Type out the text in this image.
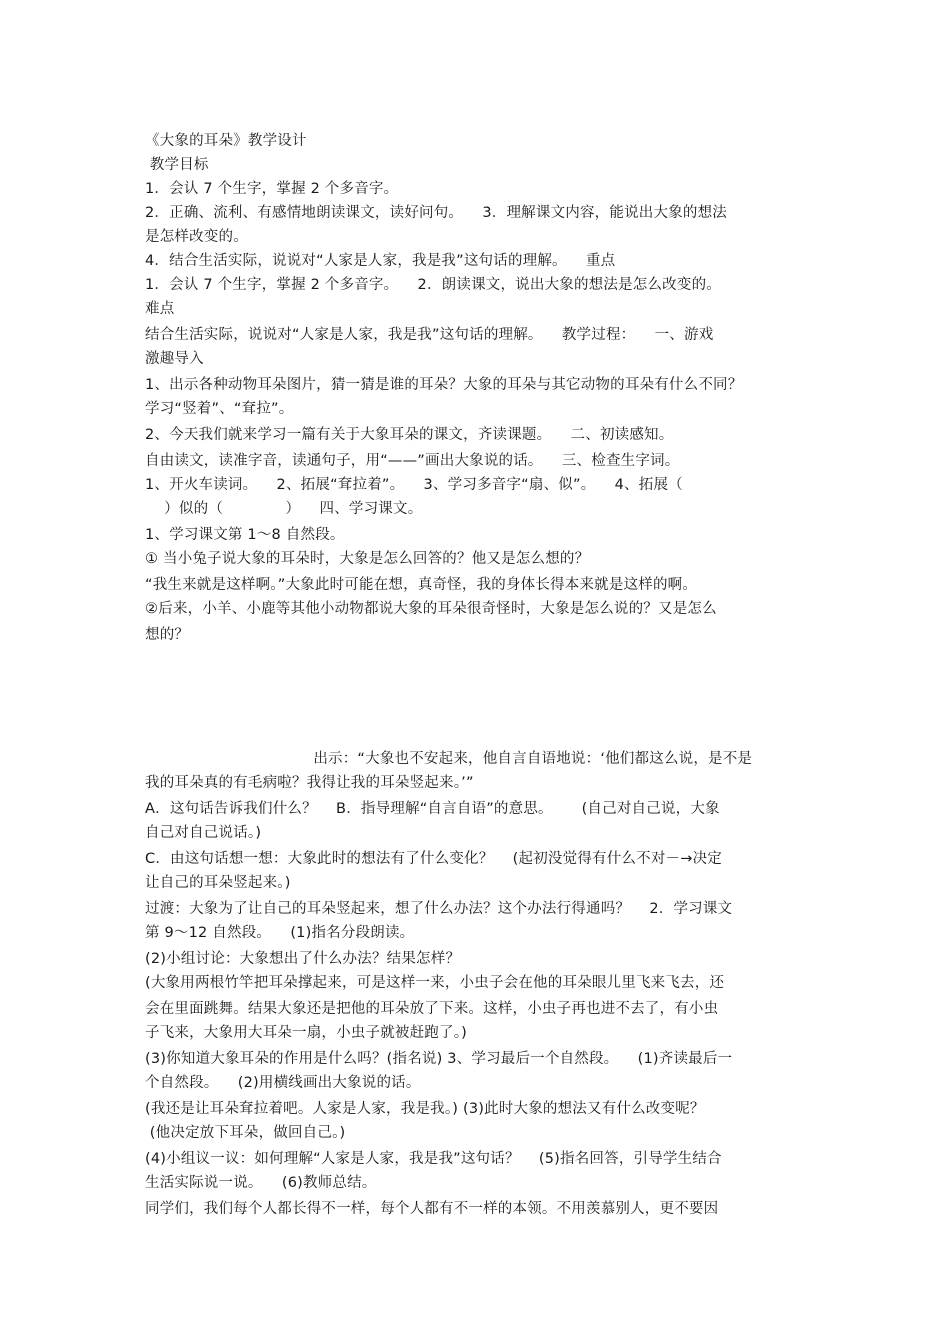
《大象的耳朵》教学设计
教学目标
1．会认 7 个生字，掌握 2 个多音字。
2．正确、流利、有感情地朗读课文，读好问句。    3．理解课文内容，能说出大象的想法
是怎样改变的。
4．结合生活实际，说说对“人家是人家，我是我”这句话的理解。    重点
1．会认 7 个生字，掌握 2 个多音字。    2．朗读课文，说出大象的想法是怎么改变的。
难点
结合生活实际，说说对“人家是人家，我是我”这句话的理解。    教学过程：    一、游戏
激趣导入
1、出示各种动物耳朵图片，猜一猜是谁的耳朵？大象的耳朵与其它动物的耳朵有什么不同？
学习“竖着”、“耷拉”。
2、今天我们就来学习一篇有关于大象耳朵的课文，齐读课题。    二、初读感知。
自由读文，读准字音，读通句子，用“——”画出大象说的话。    三、检查生字词。
1、开火车读词。    2、拓展“耷拉着”。    3、学习多音字“扇、似”。    4、拓展（
）似的（             ）    四、学习课文。
1、学习课文第 1～8 自然段。
① 当小兔子说大象的耳朵时，大象是怎么回答的？他又是怎么想的？
“我生来就是这样啊。”大象此时可能在想，真奇怪，我的身体长得本来就是这样的啊。
②后来，小羊、小鹿等其他小动物都说大象的耳朵很奇怪时，大象是怎么说的？又是怎么
想的？
出示：“大象也不安起来，他自言自语地说：‘他们都这么说，是不是
我的耳朵真的有毛病啦？我得让我的耳朵竖起来。’”
A．这句话告诉我们什么？    B．指导理解“自言自语”的意思。      (自己对自己说，大象
自己对自己说话。)
C．由这句话想一想：大象此时的想法有了什么变化？    (起初没觉得有什么不对－→决定
让自己的耳朵竖起来。)
过渡：大象为了让自己的耳朵竖起来，想了什么办法？这个办法行得通吗？    2．学习课文
第 9～12 自然段。    (1)指名分段朗读。
(2)小组讨论：大象想出了什么办法？结果怎样？
(大象用两根竹竿把耳朵撑起来，可是这样一来，小虫子会在他的耳朵眼儿里飞来飞去，还
会在里面跳舞。结果大象还是把他的耳朵放了下来。这样，小虫子再也进不去了，有小虫
子飞来，大象用大耳朵一扇，小虫子就被赶跑了。)
(3)你知道大象耳朵的作用是什么吗？(指名说) 3、学习最后一个自然段。    (1)齐读最后一
个自然段。    (2)用横线画出大象说的话。
(我还是让耳朵耷拉着吧。人家是人家，我是我。) (3)此时大象的想法又有什么改变呢？
(他决定放下耳朵，做回自己。)
(4)小组议一议：如何理解“人家是人家，我是我”这句话？    (5)指名回答，引导学生结合
生活实际说一说。    (6)教师总结。
同学们，我们每个人都长得不一样，每个人都有不一样的本领。不用羡慕别人，更不要因
